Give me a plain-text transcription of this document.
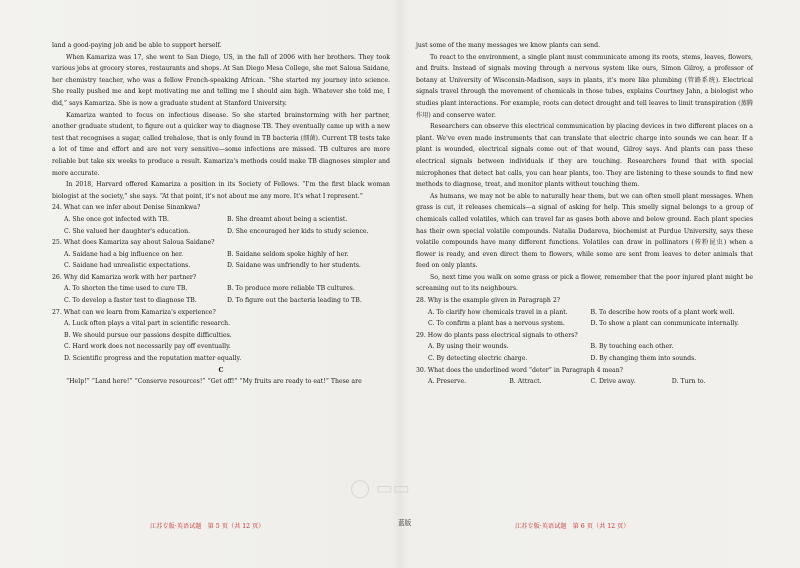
land a good-paying job and be able to support herself.

When Kamariza was 17, she went to San Diego, US, in the fall of 2006 with her brothers. They took various jobs at grocery stores, restaurants and shops. At San Diego Mesa College, she met Saloua Saidane, her chemistry teacher, who was a fellow French-speaking African. “She started my journey into science. She really pushed me and kept motivating me and telling me I should aim high. Whatever she told me, I did,” says Kamariza. She is now a graduate student at Stanford University.

Kamariza wanted to focus on infectious disease. So she started brainstorming with her partner, another graduate student, to figure out a quicker way to diagnose TB. They eventually came up with a new test that recognises a sugar, called trehalose, that is only found in TB bacteria (细菌). Current TB tests take a lot of time and effort and are not very sensitive—some infections are missed. TB cultures are more reliable but take six weeks to produce a result. Kamariza's methods could make TB diagnoses simpler and more accurate.

In 2018, Harvard offered Kamariza a position in its Society of Fellows. “I'm the first black woman biologist at the society,” she says. “At that point, it's not about me any more. It's what I represent.”

24. What can we infer about Denise Sinankwa?

A. She once got infected with TB.	B. She dreamt about being a scientist.
C. She valued her daughter's education.	D. She encouraged her kids to study science.

25. What does Kamariza say about Saloua Saidane?

A. Saidane had a big influence on her.	B. Saidane seldom spoke highly of her.
C. Saidane had unrealistic expectations.	D. Saidane was unfriendly to her students.

26. Why did Kamariza work with her partner?

A. To shorten the time used to cure TB.	B. To produce more reliable TB cultures.
C. To develop a faster test to diagnose TB.	D. To figure out the bacteria leading to TB.

27. What can we learn from Kamariza's experience?

A. Luck often plays a vital part in scientific research.
B. We should pursue our passions despite difficulties.
C. Hard work does not necessarily pay off eventually.
D. Scientific progress and the reputation matter equally.

C

“Help!” “Land here!” “Conserve resources!” “Get off!” “My fruits are ready to eat!” These are

just some of the many messages we know plants can send.

To react to the environment, a single plant must communicate among its roots, stems, leaves, flowers, and fruits. Instead of signals moving through a nervous system like ours, Simon Gilroy, a professor of botany at University of Wisconsin-Madison, says in plants, it's more like plumbing (管路系统). Electrical signals travel through the movement of chemicals in those tubes, explains Courtney Jahn, a biologist who studies plant interactions. For example, roots can detect drought and tell leaves to limit transpiration (蒸腾作用) and conserve water.

Researchers can observe this electrical communication by placing devices in two different places on a plant. We've even made instruments that can translate that electric charge into sounds we can hear. If a plant is wounded, electrical signals come out of that wound, Gilroy says. And plants can pass these electrical signals between individuals if they are touching. Researchers found that with special microphones that detect bat calls, you can hear plants, too. They are listening to these sounds to find new methods to diagnose, treat, and monitor plants without touching them.

As humans, we may not be able to naturally hear them, but we can often smell plant messages. When grass is cut, it releases chemicals—a signal of asking for help. This smelly signal belongs to a group of chemicals called volatiles, which can travel far as gases both above and below ground. Each plant species has their own special volatile compounds. Natalia Dudareva, biochemist at Purdue University, says these volatile compounds have many different functions. Volatiles can draw in pollinators (传粉昆虫) when a flower is ready, and even direct them to flowers, while some are sent from leaves to deter animals that feed on only plants.

So, next time you walk on some grass or pick a flower, remember that the poor injured plant might be screaming out to its neighbours.

28. Why is the example given in Paragraph 2?

A. To clarify how chemicals travel in a plant.	B. To describe how roots of a plant work well.
C. To confirm a plant has a nervous system.	D. To show a plant can communicate internally.

29. How do plants pass electrical signals to others?

A. By using their wounds.	B. By touching each other.
C. By detecting electric charge.	D. By changing them into sounds.

30. What does the underlined word “deter” in Paragraph 4 mean?

A. Preserve.	B. Attract.	C. Drive away.	D. Turn to.
◯ ▭▭
江苏专版·英语试题　第 5 页（共 12 页）	蓝版	江苏专版·英语试题　第 6 页（共 12 页）
